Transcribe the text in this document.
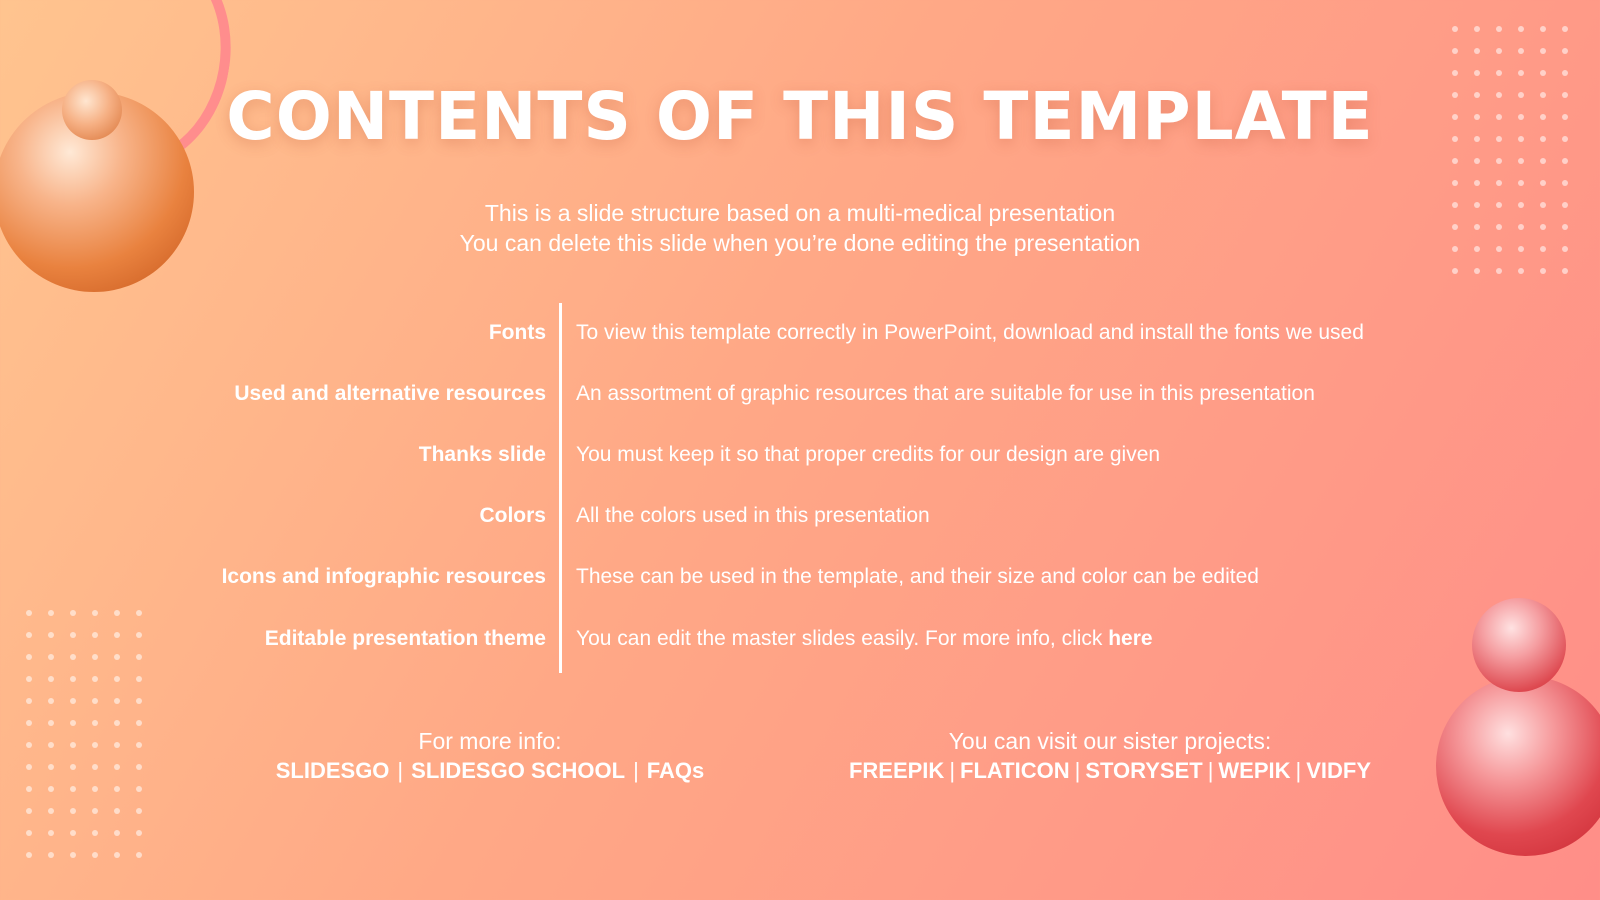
CONTENTS OF THIS TEMPLATE
This is a slide structure based on a multi-medical presentation
You can delete this slide when you’re done editing the presentation
Fonts To view this template correctly in PowerPoint, download and install the fonts we used
Used and alternative resources An assortment of graphic resources that are suitable for use in this presentation
Thanks slide You must keep it so that proper credits for our design are given
Colors All the colors used in this presentation
Icons and infographic resources These can be used in the template, and their size and color can be edited
Editable presentation theme You can edit the master slides easily. For more info, click here
For more info:
SLIDESGO | SLIDESGO SCHOOL | FAQs
You can visit our sister projects:
FREEPIK | FLATICON | STORYSET | WEPIK | VIDFY
